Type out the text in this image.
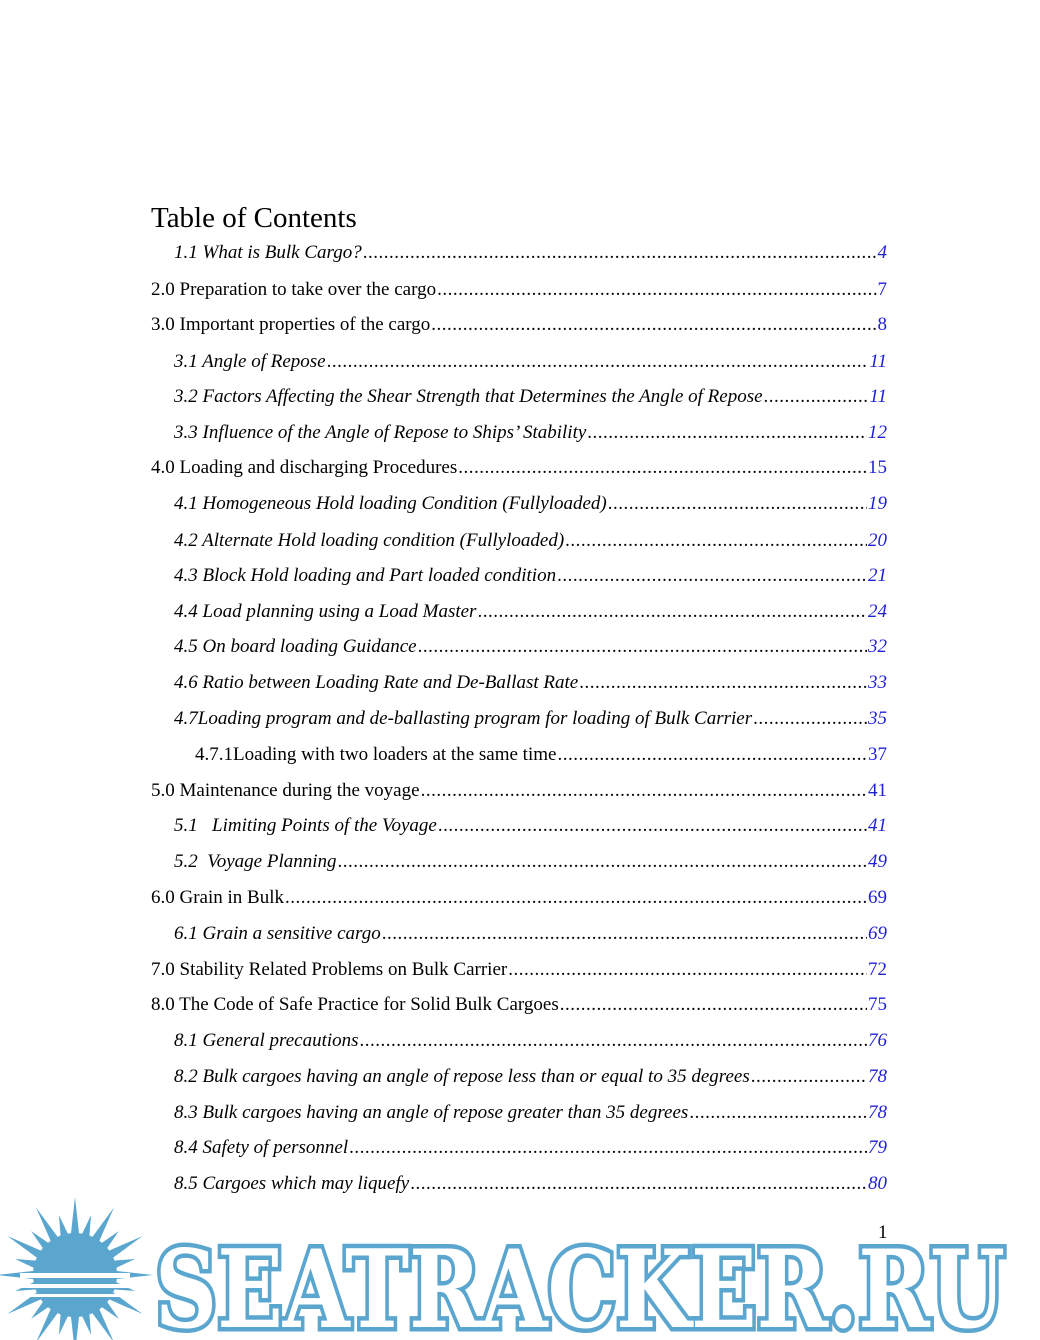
Table of Contents
1.1 What is Bulk Cargo? .....	4
2.0 Preparation to take over the cargo .....	7
3.0 Important properties of the cargo .....	8
3.1 Angle of Repose .....	11
3.2 Factors Affecting the Shear Strength that Determines the Angle of Repose .....	11
3.3 Influence of the Angle of Repose to Ships’ Stability .....	12
4.0 Loading and discharging Procedures .....	15
4.1 Homogeneous Hold loading Condition (Fullyloaded) .....	19
4.2 Alternate Hold loading condition (Fullyloaded) .....	20
4.3 Block Hold loading and Part loaded condition .....	21
4.4 Load planning using a Load Master .....	24
4.5 On board loading Guidance .....	32
4.6 Ratio between Loading Rate and De-Ballast Rate .....	33
4.7Loading program and de-ballasting program for loading of Bulk Carrier .....	35
4.7.1Loading with two loaders at the same time .....	37
5.0 Maintenance during the voyage .....	41
5.1   Limiting Points of the Voyage .....	41
5.2  Voyage Planning .....	49
6.0 Grain in Bulk .....	69
6.1 Grain a sensitive cargo .....	69
7.0 Stability Related Problems on Bulk Carrier .....	72
8.0 The Code of Safe Practice for Solid Bulk Cargoes .....	75
8.1 General precautions .....	76
8.2 Bulk cargoes having an angle of repose less than or equal to 35 degrees .....	78
8.3 Bulk cargoes having an angle of repose greater than 35 degrees .....	78
8.4 Safety of personnel .....	79
8.5 Cargoes which may liquefy .....	80
1
SEATRACKER.RU
